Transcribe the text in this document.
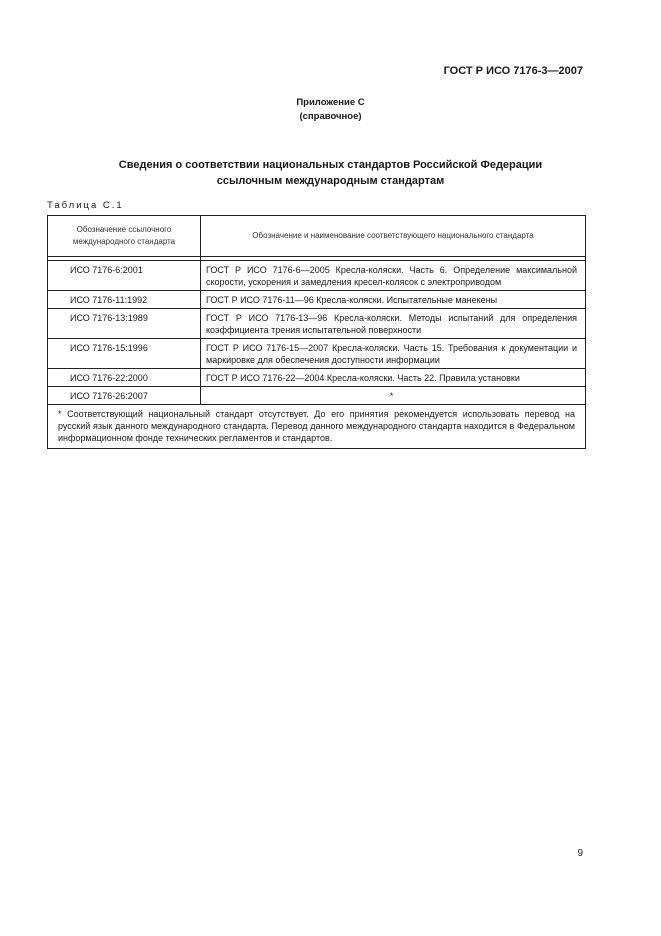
ГОСТ Р ИСО 7176-3—2007
Приложение С
(справочное)
Сведения о соответствии национальных стандартов Российской Федерации
ссылочным международным стандартам
Таблица С.1
Обозначение ссылочного
международного стандарта	Обозначение и наименование соответствующего национального стандарта

ИСО 7176-6:2001	ГОСТ Р ИСО 7176-6—2005 Кресла-коляски. Часть 6. Определение максимальной скорости, ускорения и замедления кресел-колясок с электроприводом
ИСО 7176-11:1992	ГОСТ Р ИСО 7176-11—96 Кресла-коляски. Испытательные манекены
ИСО 7176-13:1989	ГОСТ Р ИСО 7176-13—96 Кресла-коляски. Методы испытаний для определения коэффициента трения испытательной поверхности
ИСО 7176-15:1996	ГОСТ Р ИСО 7176-15—2007 Кресла-коляски. Часть 15. Требования к документации и маркировке для обеспечения доступности информации
ИСО 7176-22:2000	ГОСТ Р ИСО 7176-22—2004 Кресла-коляски. Часть 22. Правила установки
ИСО 7176-26:2007	*
* Соответствующий национальный стандарт отсутствует. До его принятия рекомендуется использовать перевод на русский язык данного международного стандарта. Перевод данного международного стандарта находится в Федеральном информационном фонде технических регламентов и стандартов.	
9
